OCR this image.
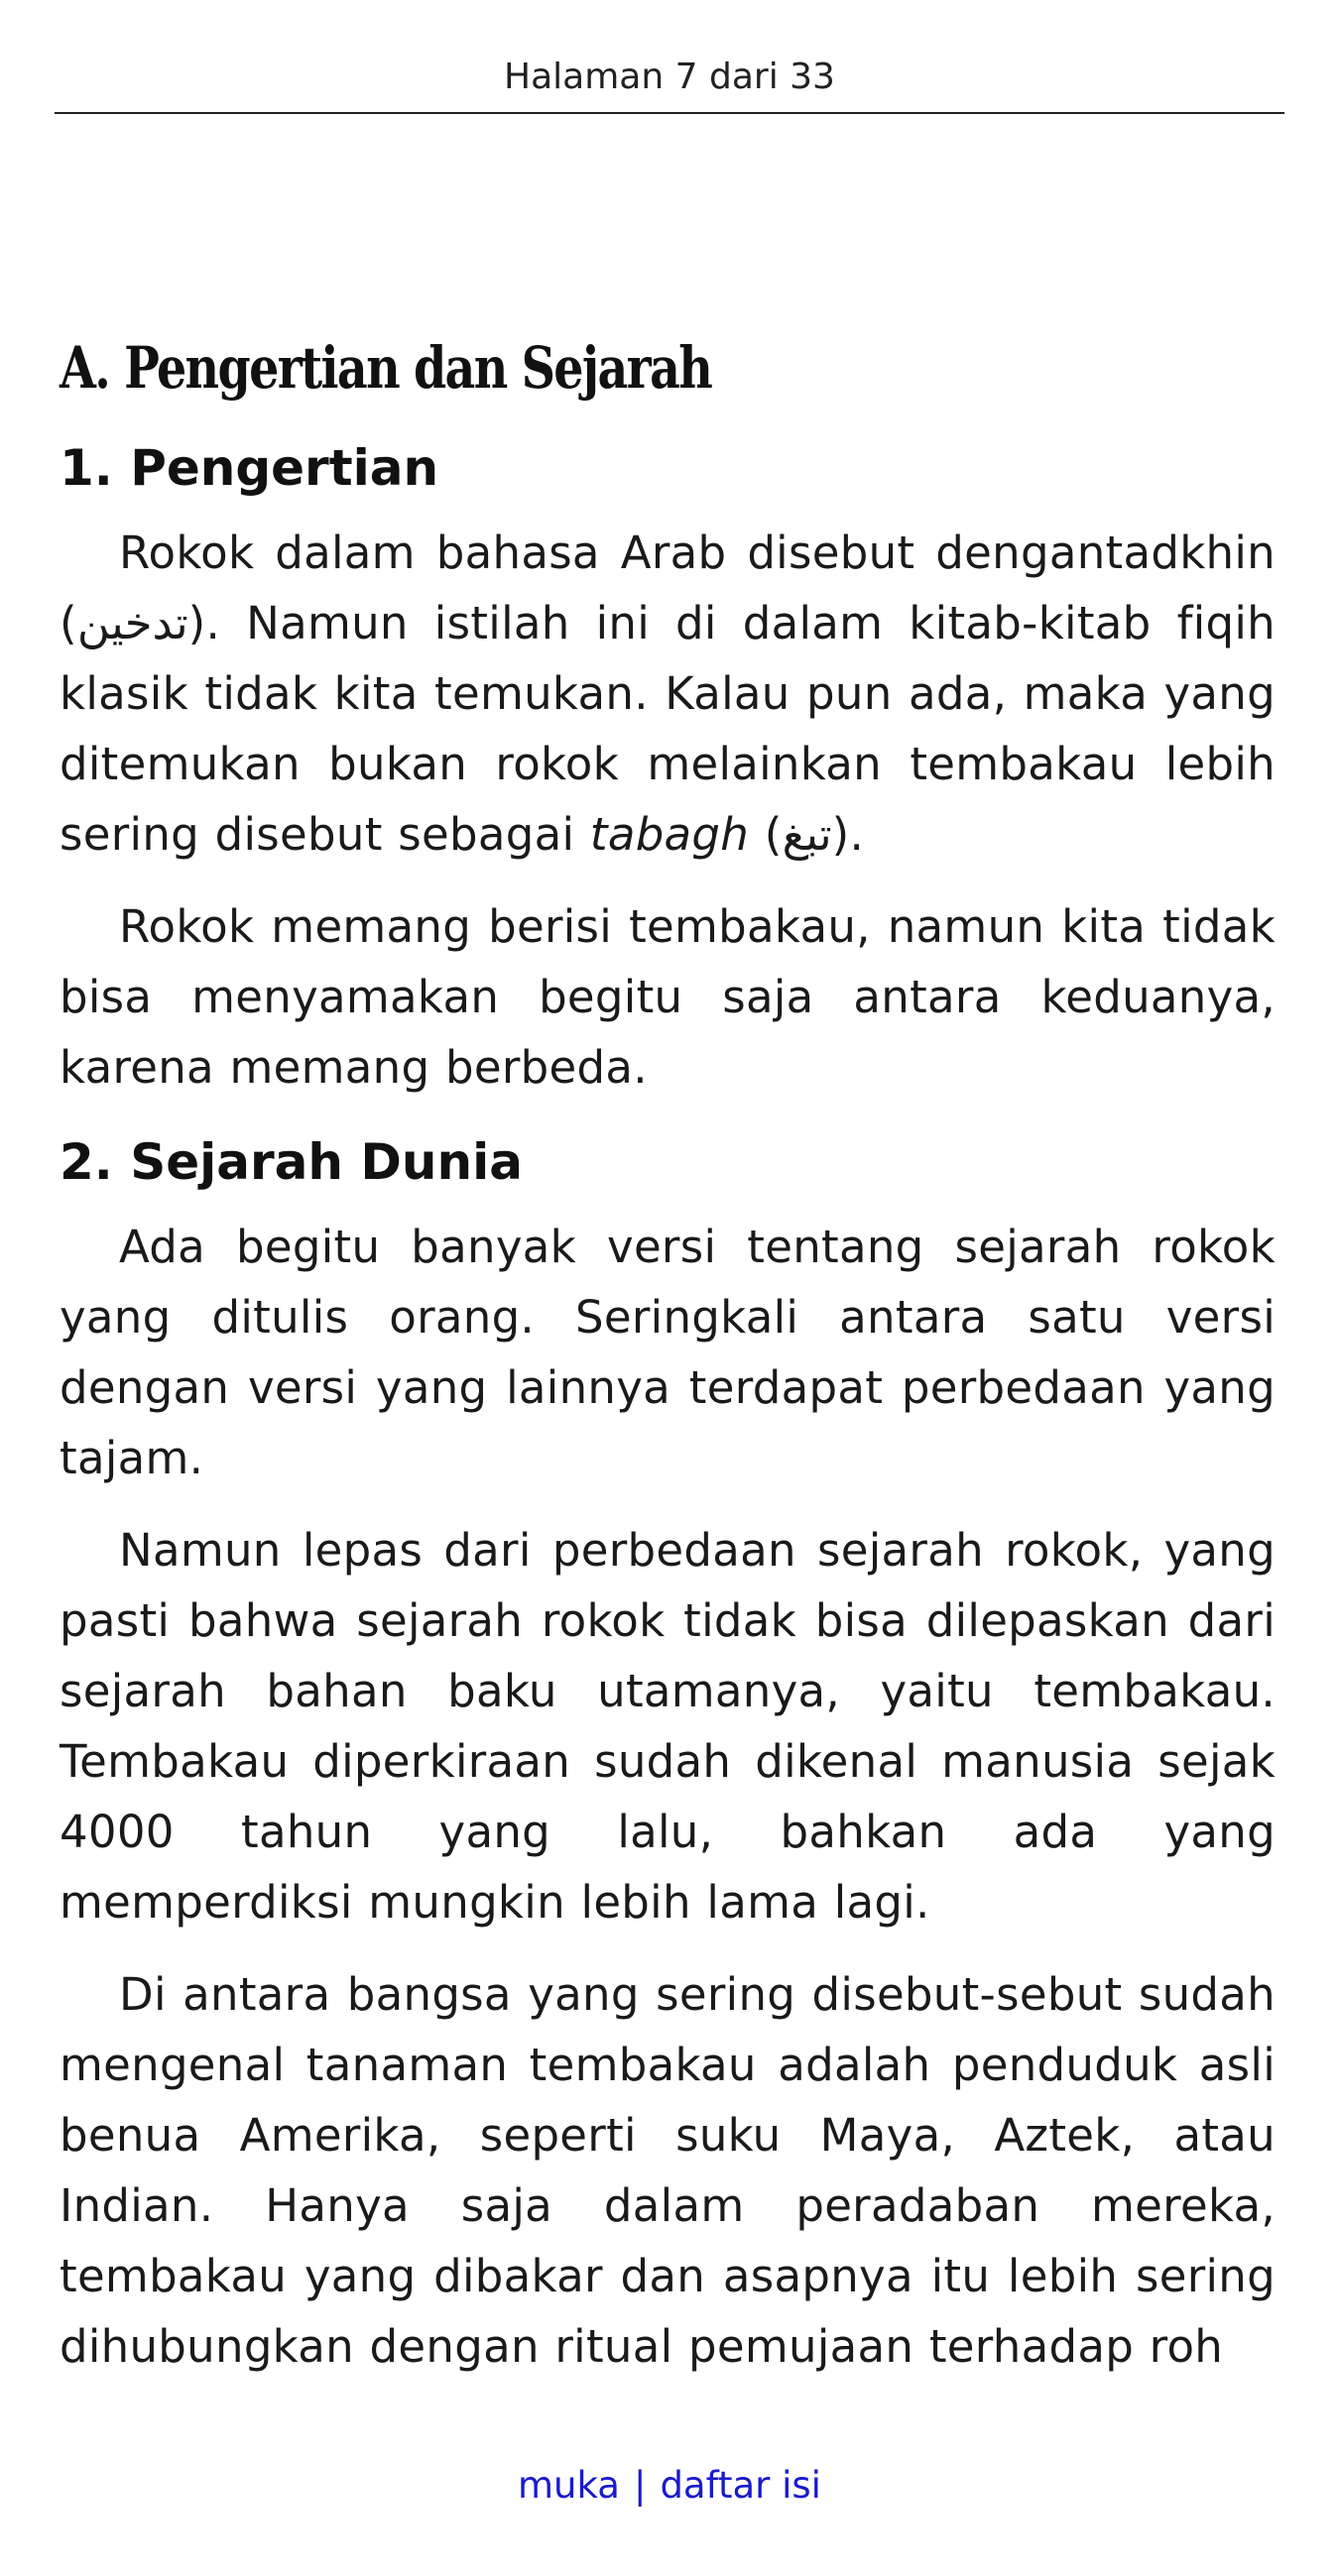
Halaman 7 dari 33
A. Pengertian dan Sejarah
1. Pengertian

Rokok dalam bahasa Arab disebut dengantadkhin (تدخين). Namun istilah ini di dalam kitab-kitab fiqih klasik tidak kita temukan. Kalau pun ada, maka yang ditemukan bukan rokok melainkan tembakau lebih sering disebut sebagai tabagh (تبغ).

Rokok memang berisi tembakau, namun kita tidak bisa menyamakan begitu saja antara keduanya, karena memang berbeda.

2. Sejarah Dunia

Ada begitu banyak versi tentang sejarah rokok yang ditulis orang. Seringkali antara satu versi dengan versi yang lainnya terdapat perbedaan yang tajam.

Namun lepas dari perbedaan sejarah rokok, yang pasti bahwa sejarah rokok tidak bisa dilepaskan dari sejarah bahan baku utamanya, yaitu tembakau. Tembakau diperkiraan sudah dikenal manusia sejak 4000 tahun yang lalu, bahkan ada yang memperdiksi mungkin lebih lama lagi.

Di antara bangsa yang sering disebut-sebut sudah mengenal tanaman tembakau adalah penduduk asli benua Amerika, seperti suku Maya, Aztek, atau Indian. Hanya saja dalam peradaban mereka, tembakau yang dibakar dan asapnya itu lebih sering dihubungkan dengan ritual pemujaan terhadap roh

muka | daftar isi
